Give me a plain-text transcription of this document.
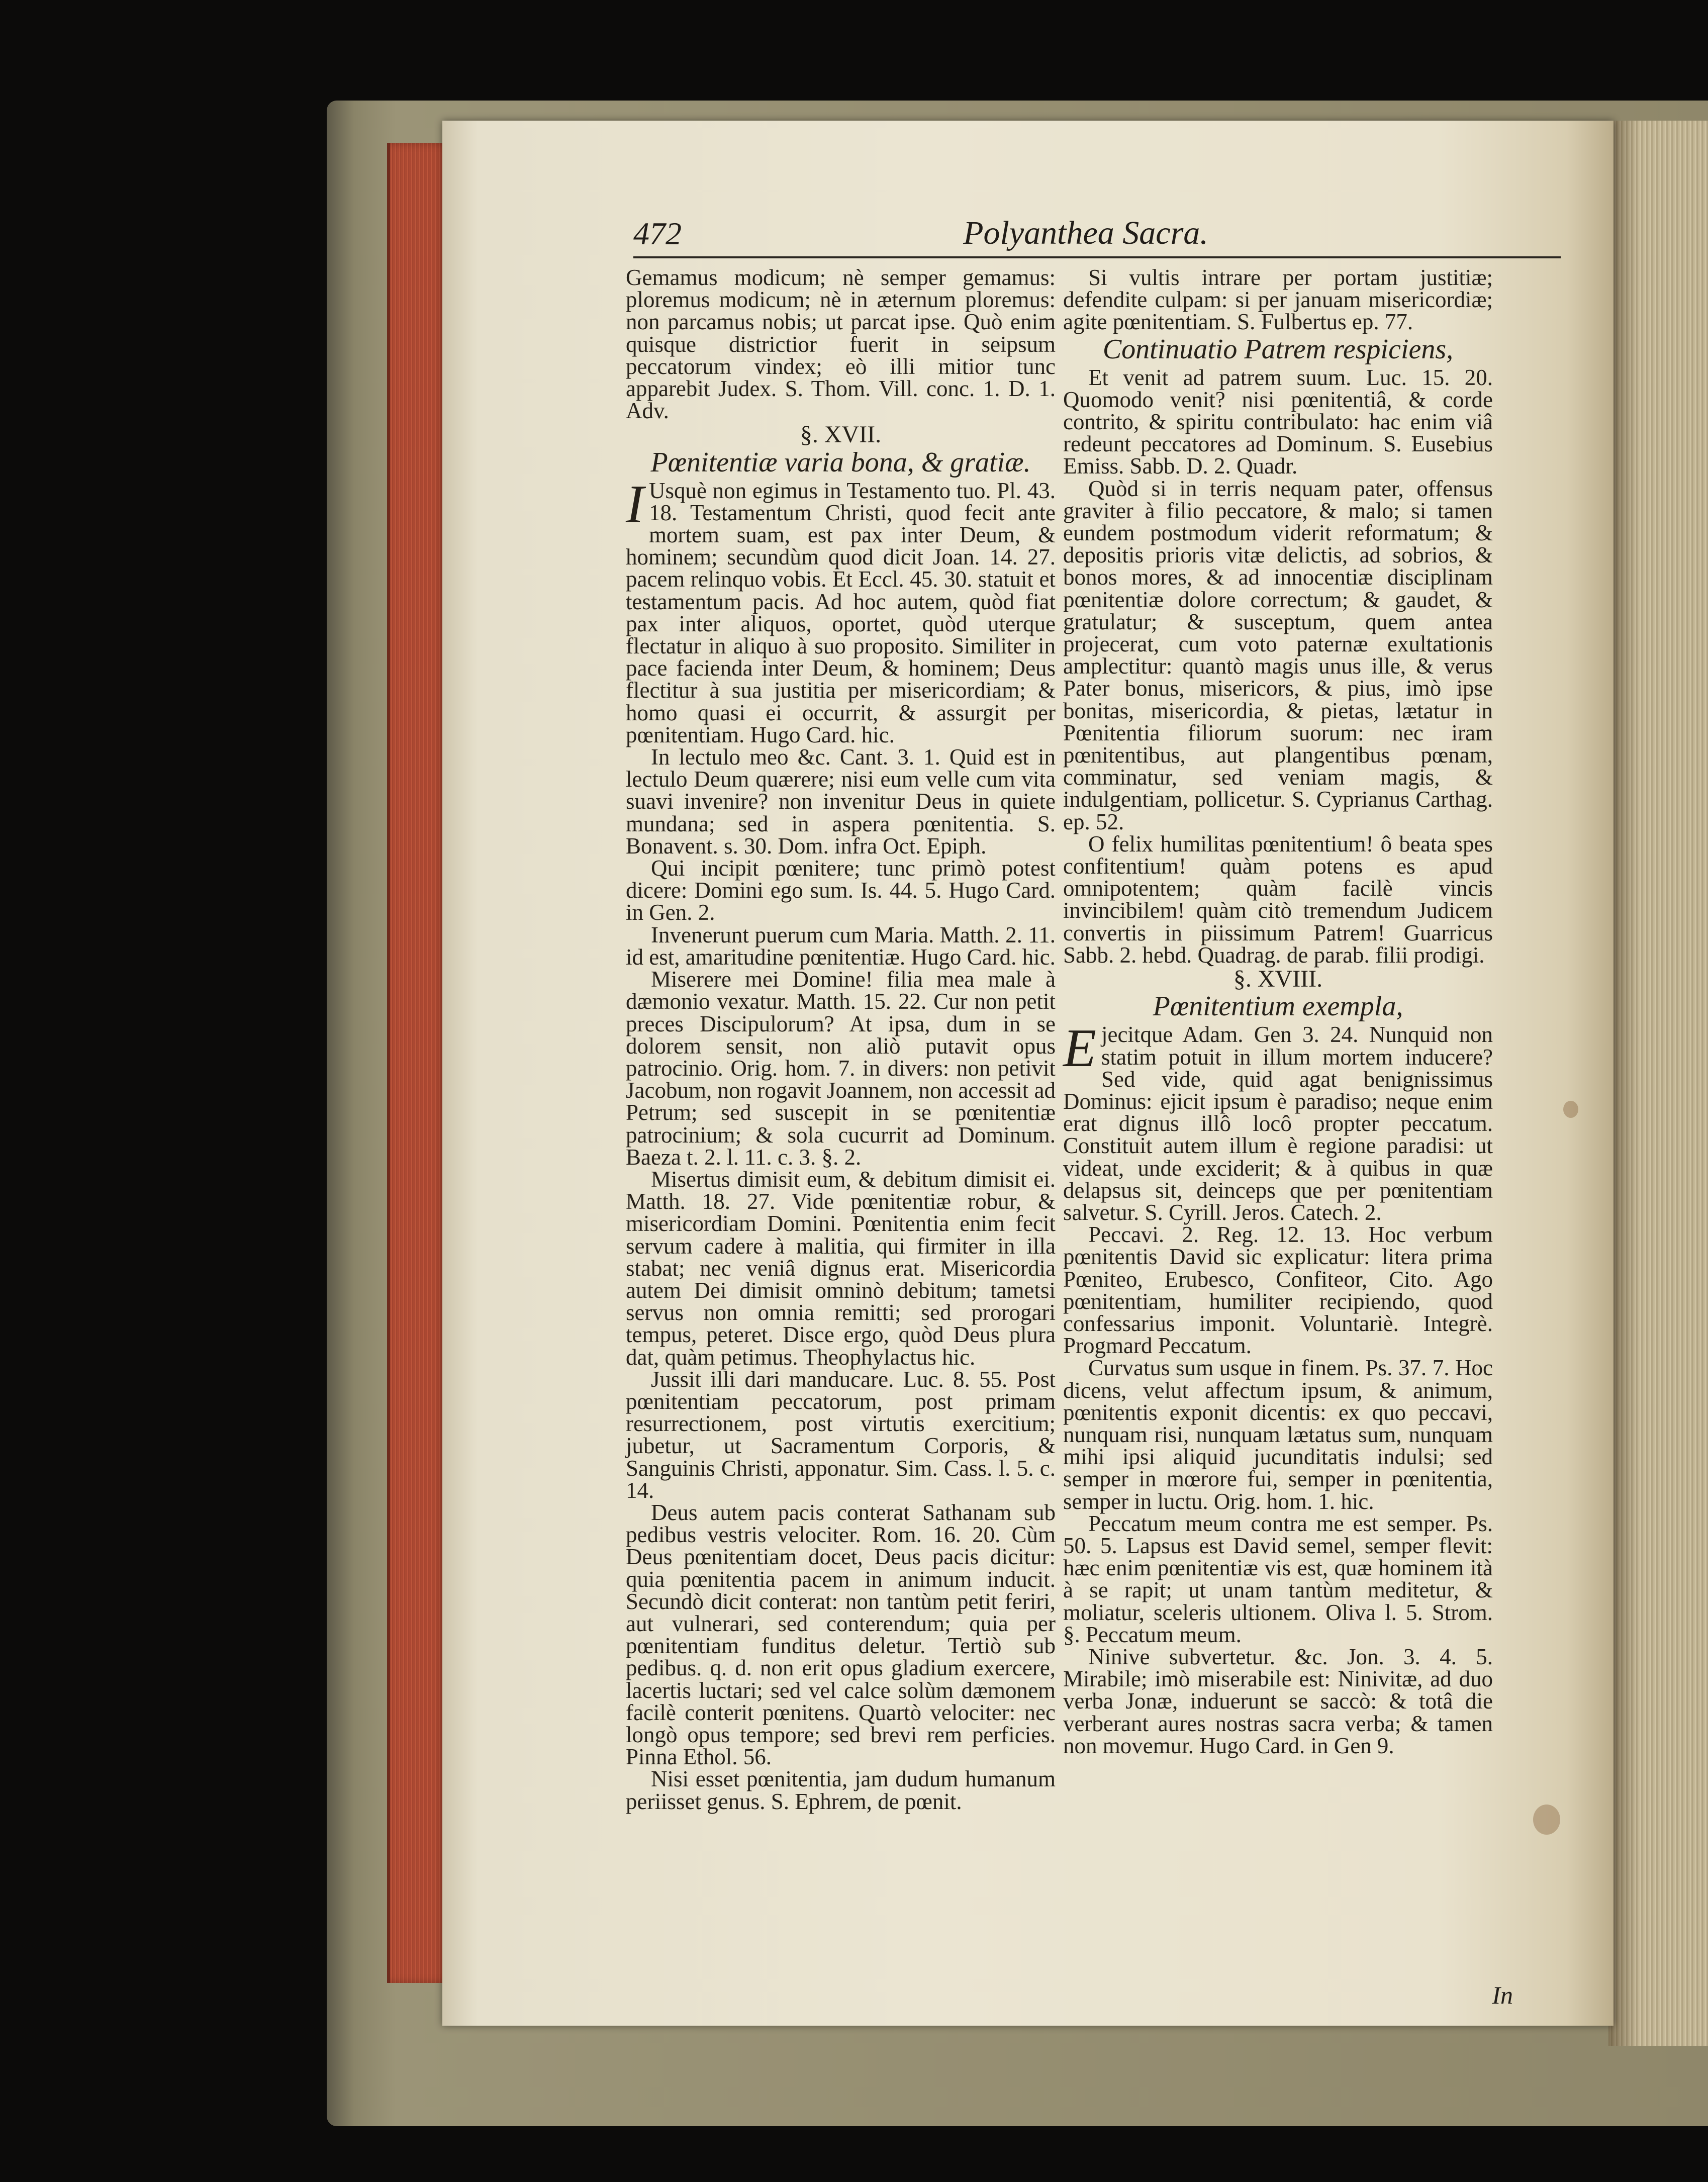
472	Polyanthea Sacra.

Gemamus modicum; nè semper gemamus: ploremus modicum; nè in æternum ploremus: non parcamus nobis; ut parcat ipse. Quò enim quisque districtior fuerit in seipsum peccatorum vindex; eò illi mitior tunc apparebit Judex. S. Thom. Vill. conc. 1. D. 1. Adv.

§. XVII.

Pœnitentiæ varia bona, & gratiæ.

I Usquè non egimus in Testamento tuo. Pl. 43. 18. Testamentum Christi, quod fecit ante mortem suam, est pax inter Deum, & hominem; secundùm quod dicit Joan. 14. 27. pacem relinquo vobis. Et Eccl. 45. 30. statuit et testamentum pacis. Ad hoc autem, quòd fiat pax inter aliquos, oportet, quòd uterque flectatur in aliquo à suo proposito. Similiter in pace facienda inter Deum, & hominem; Deus flectitur à sua justitia per misericordiam; & homo quasi ei occurrit, & assurgit per pœnitentiam. Hugo Card. hic.

In lectulo meo &c. Cant. 3. 1. Quid est in lectulo Deum quærere; nisi eum velle cum vita suavi invenire? non invenitur Deus in quiete mundana; sed in aspera pœnitentia. S. Bonavent. s. 30. Dom. infra Oct. Epiph.

Qui incipit pœnitere; tunc primò potest dicere: Domini ego sum. Is. 44. 5. Hugo Card. in Gen. 2.

Invenerunt puerum cum Maria. Matth. 2. 11. id est, amaritudine pœnitentiæ. Hugo Card. hic.

Miserere mei Domine! filia mea male à dæmonio vexatur. Matth. 15. 22. Cur non petit preces Discipulorum? At ipsa, dum in se dolorem sensit, non aliò putavit opus patrocinio. Orig. hom. 7. in divers: non petivit Jacobum, non rogavit Joannem, non accessit ad Petrum; sed suscepit in se pœnitentiæ patrocinium; & sola cucurrit ad Dominum. Baeza t. 2. l. 11. c. 3. §. 2.

Misertus dimisit eum, & debitum dimisit ei. Matth. 18. 27. Vide pœnitentiæ robur, & misericordiam Domini. Pœnitentia enim fecit servum cadere à malitia, qui firmiter in illa stabat; nec veniâ dignus erat. Misericordia autem Dei dimisit omninò debitum; tametsi servus non omnia remitti; sed prorogari tempus, peteret. Disce ergo, quòd Deus plura dat, quàm petimus. Theophylactus hic.

Jussit illi dari manducare. Luc. 8. 55. Post pœnitentiam peccatorum, post primam resurrectionem, post virtutis exercitium; jubetur, ut Sacramentum Corporis, & Sanguinis Christi, apponatur. Sim. Cass. l. 5. c. 14.

Deus autem pacis conterat Sathanam sub pedibus vestris velociter. Rom. 16. 20. Cùm Deus pœnitentiam docet, Deus pacis dicitur: quia pœnitentia pacem in animum inducit. Secundò dicit conterat: non tantùm petit feriri, aut vulnerari, sed conterendum; quia per pœnitentiam funditus deletur. Tertiò sub pedibus. q. d. non erit opus gladium exercere, lacertis luctari; sed vel calce solùm dæmonem facilè conterit pœnitens. Quartò velociter: nec longò opus tempore; sed brevi rem perficies. Pinna Ethol. 56.

Nisi esset pœnitentia, jam dudum humanum periisset genus. S. Ephrem, de pœnit.

Si vultis intrare per portam justitiæ; defendite culpam: si per januam misericordiæ; agite pœnitentiam. S. Fulbertus ep. 77.

Continuatio Patrem respiciens,

Et venit ad patrem suum. Luc. 15. 20. Quomodo venit? nisi pœnitentiâ, & corde contrito, & spiritu contribulato: hac enim viâ redeunt peccatores ad Dominum. S. Eusebius Emiss. Sabb. D. 2. Quadr.

Quòd si in terris nequam pater, offensus graviter à filio peccatore, & malo; si tamen eundem postmodum viderit reformatum; & depositis prioris vitæ delictis, ad sobrios, & bonos mores, & ad innocentiæ disciplinam pœnitentiæ dolore correctum; & gaudet, & gratulatur; & susceptum, quem antea projecerat, cum voto paternæ exultationis amplectitur: quantò magis unus ille, & verus Pater bonus, misericors, & pius, imò ipse bonitas, misericordia, & pietas, lætatur in Pœnitentia filiorum suorum: nec iram pœnitentibus, aut plangentibus pœnam, comminatur, sed veniam magis, & indulgentiam, pollicetur. S. Cyprianus Carthag. ep. 52.

O felix humilitas pœnitentium! ô beata spes confitentium! quàm potens es apud omnipotentem; quàm facilè vincis invincibilem! quàm citò tremendum Judicem convertis in piissimum Patrem! Guarricus Sabb. 2. hebd. Quadrag. de parab. filii prodigi.

§. XVIII.

Pœnitentium exempla,

Ejecitque Adam. Gen 3. 24. Nunquid non statim potuit in illum mortem inducere? Sed vide, quid agat benignissimus Dominus: ejicit ipsum è paradiso; neque enim erat dignus illô locô propter peccatum. Constituit autem illum è regione paradisi: ut videat, unde exciderit; & à quibus in quæ delapsus sit, deinceps que per pœnitentiam salvetur. S. Cyrill. Jeros. Catech. 2.

Peccavi. 2. Reg. 12. 13. Hoc verbum pœnitentis David sic explicatur: litera prima Pœniteo, Erubesco, Confiteor, Cito. Ago pœnitentiam, humiliter recipiendo, quod confessarius imponit. Voluntariè. Integrè. Progmard Peccatum.

Curvatus sum usque in finem. Ps. 37. 7. Hoc dicens, velut affectum ipsum, & animum, pœnitentis exponit dicentis: ex quo peccavi, nunquam risi, nunquam lætatus sum, nunquam mihi ipsi aliquid jucunditatis indulsi; sed semper in mœrore fui, semper in pœnitentia, semper in luctu. Orig. hom. 1. hic.

Peccatum meum contra me est semper. Ps. 50. 5. Lapsus est David semel, semper flevit: hæc enim pœnitentiæ vis est, quæ hominem ità à se rapit; ut unam tantùm meditetur, & moliatur, sceleris ultionem. Oliva l. 5. Strom. §. Peccatum meum.

Ninive subvertetur. &c. Jon. 3. 4. 5. Mirabile; imò miserabile est: Ninivitæ, ad duo verba Jonæ, induerunt se saccò: & totâ die verberant aures nostras sacra verba; & tamen non movemur. Hugo Card. in Gen 9.

In
